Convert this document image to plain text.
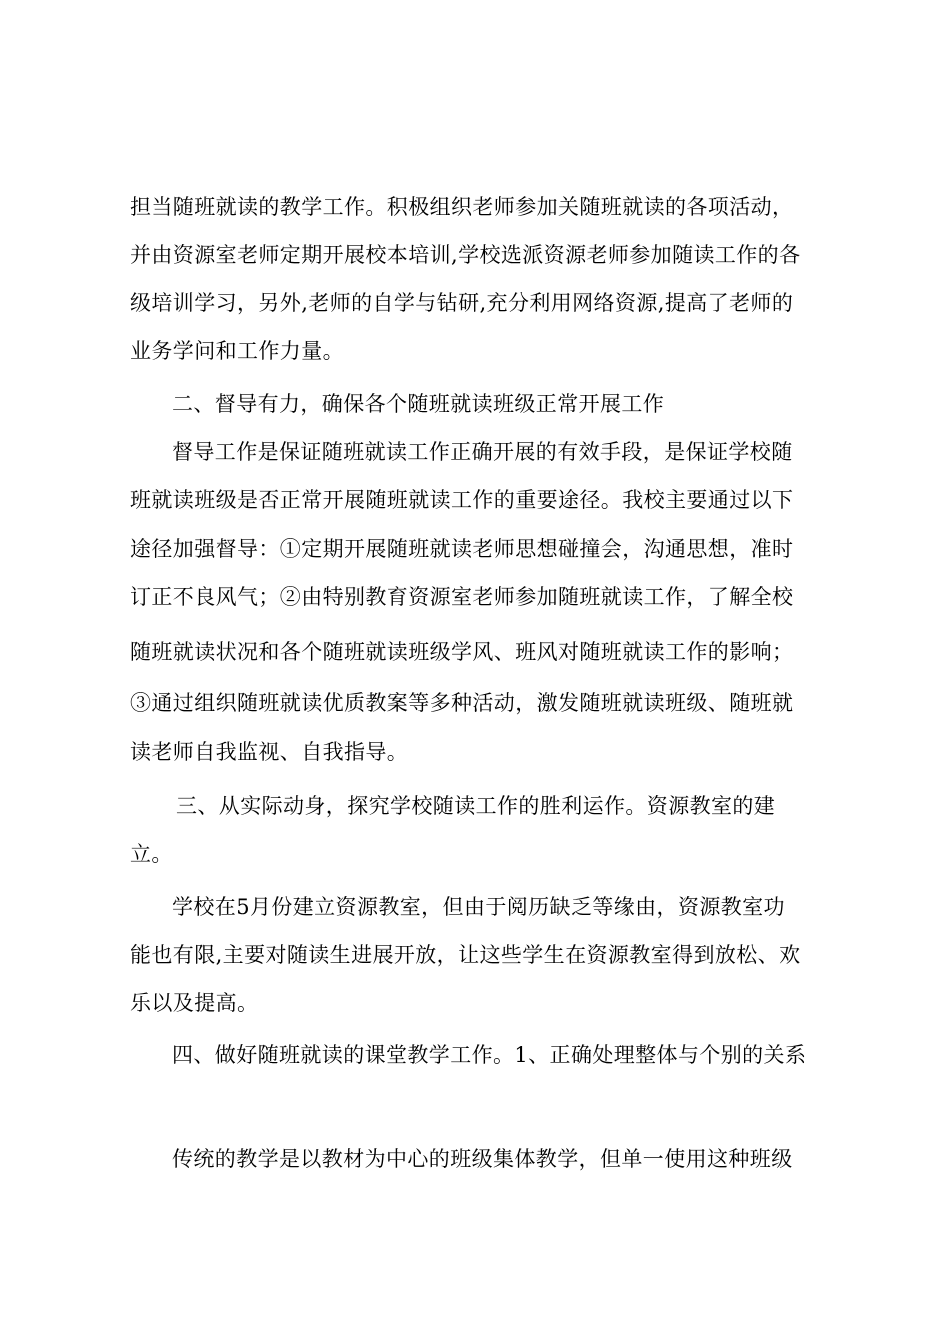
担当随班就读的教学工作。积极组织老师参加关随班就读的各项活动，
并由资源室老师定期开展校本培训,学校选派资源老师参加随读工作的各
级培训学习，另外,老师的自学与钻研,充分利用网络资源,提高了老师的
业务学问和工作力量。
二、督导有力，确保各个随班就读班级正常开展工作
督导工作是保证随班就读工作正确开展的有效手段，是保证学校随
班就读班级是否正常开展随班就读工作的重要途径。我校主要通过以下
途径加强督导：①定期开展随班就读老师思想碰撞会，沟通思想，准时
订正不良风气；②由特别教育资源室老师参加随班就读工作，了解全校
随班就读状况和各个随班就读班级学风、班风对随班就读工作的影响；
③通过组织随班就读优质教案等多种活动，激发随班就读班级、随班就
读老师自我监视、自我指导。
三、从实际动身，探究学校随读工作的胜利运作。资源教室的建
立。
学校在5月份建立资源教室，但由于阅历缺乏等缘由，资源教室功
能也有限,主要对随读生进展开放，让这些学生在资源教室得到放松、欢
乐以及提高。
四、做好随班就读的课堂教学工作。1、正确处理整体与个别的关系
传统的教学是以教材为中心的班级集体教学，但单一使用这种班级
